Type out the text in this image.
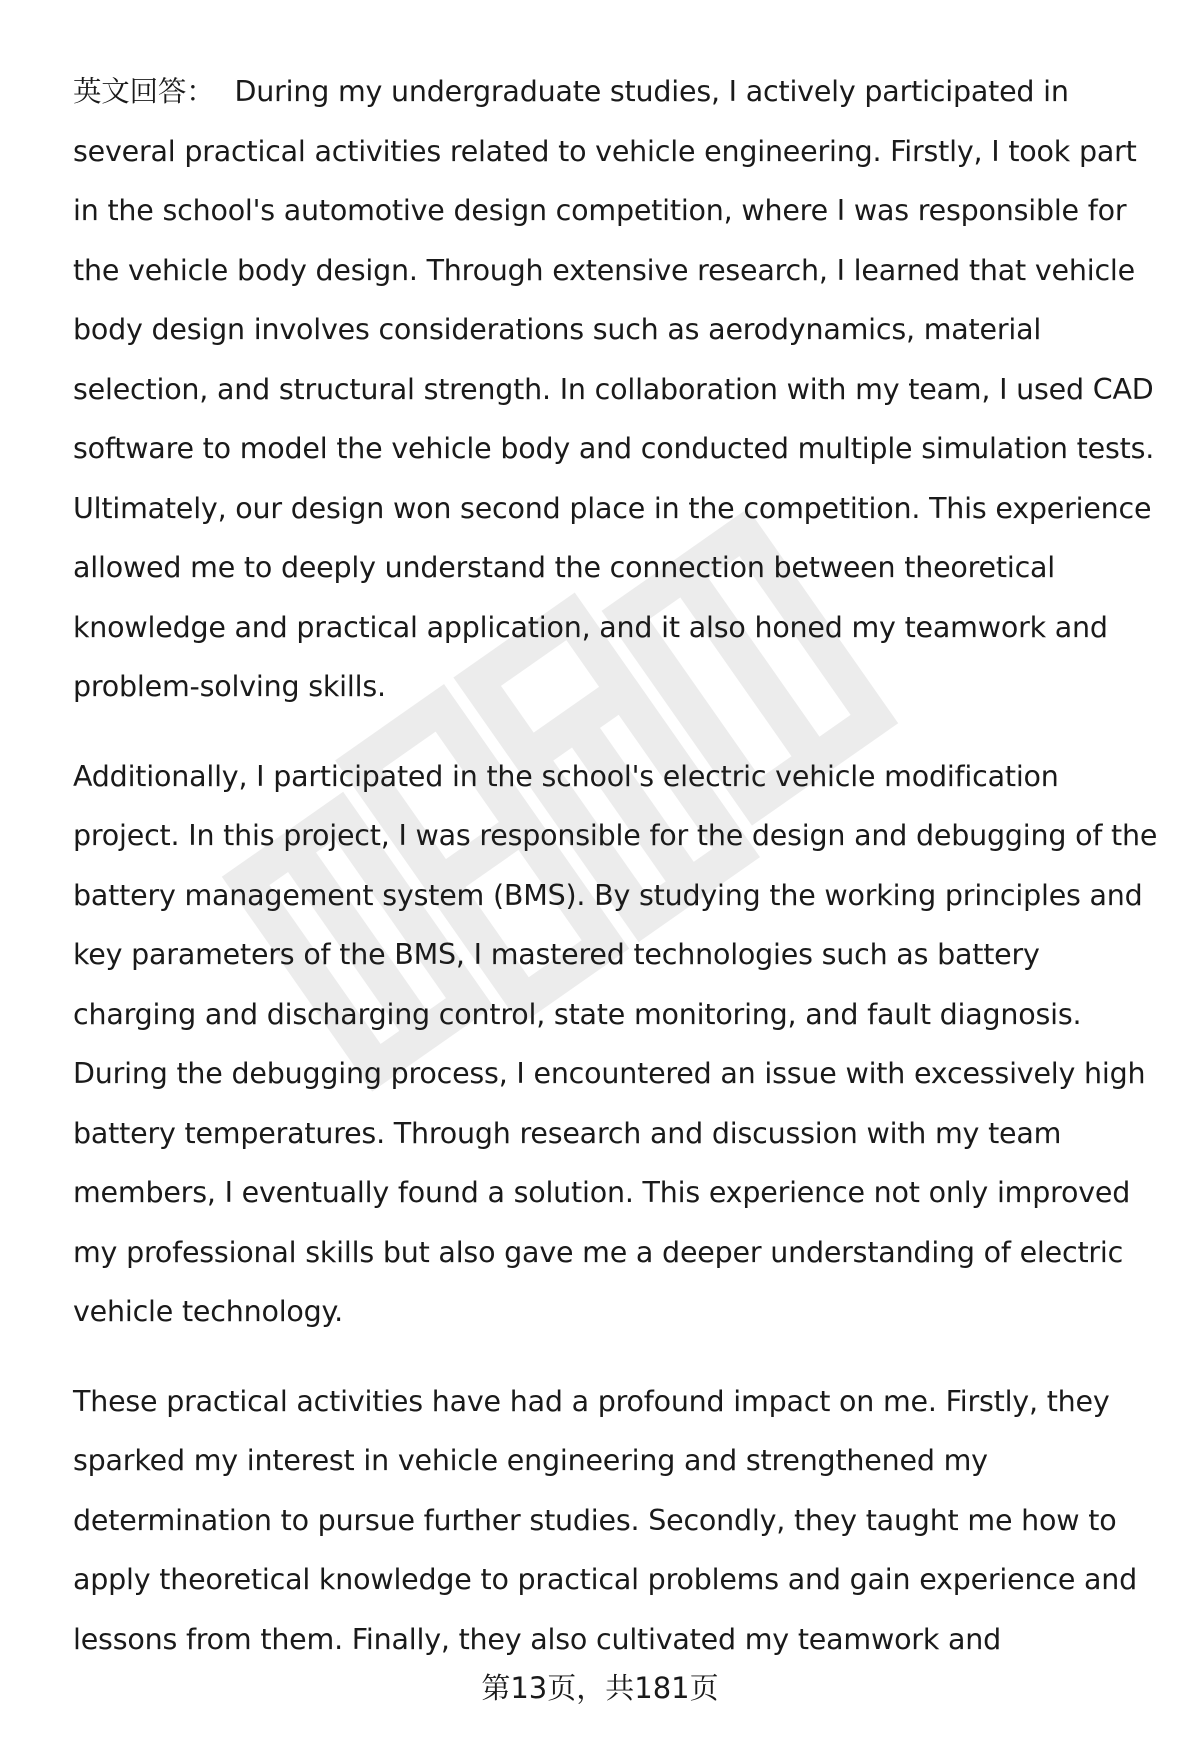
英文回答： During my undergraduate studies, I actively participated in several practical activities related to vehicle engineering. Firstly, I took part in the school's automotive design competition, where I was responsible for the vehicle body design. Through extensive research, I learned that vehicle body design involves considerations such as aerodynamics, material selection, and structural strength. In collaboration with my team, I used CAD software to model the vehicle body and conducted multiple simulation tests. Ultimately, our design won second place in the competition. This experience allowed me to deeply understand the connection between theoretical knowledge and practical application, and it also honed my teamwork and problem-solving skills.

Additionally, I participated in the school's electric vehicle modification project. In this project, I was responsible for the design and debugging of the battery management system (BMS). By studying the working principles and key parameters of the BMS, I mastered technologies such as battery charging and discharging control, state monitoring, and fault diagnosis. During the debugging process, I encountered an issue with excessively high battery temperatures. Through research and discussion with my team members, I eventually found a solution. This experience not only improved my professional skills but also gave me a deeper understanding of electric vehicle technology.

These practical activities have had a profound impact on me. Firstly, they sparked my interest in vehicle engineering and strengthened my determination to pursue further studies. Secondly, they taught me how to apply theoretical knowledge to practical problems and gain experience and lessons from them. Finally, they also cultivated my teamwork and

第13页，共181页
